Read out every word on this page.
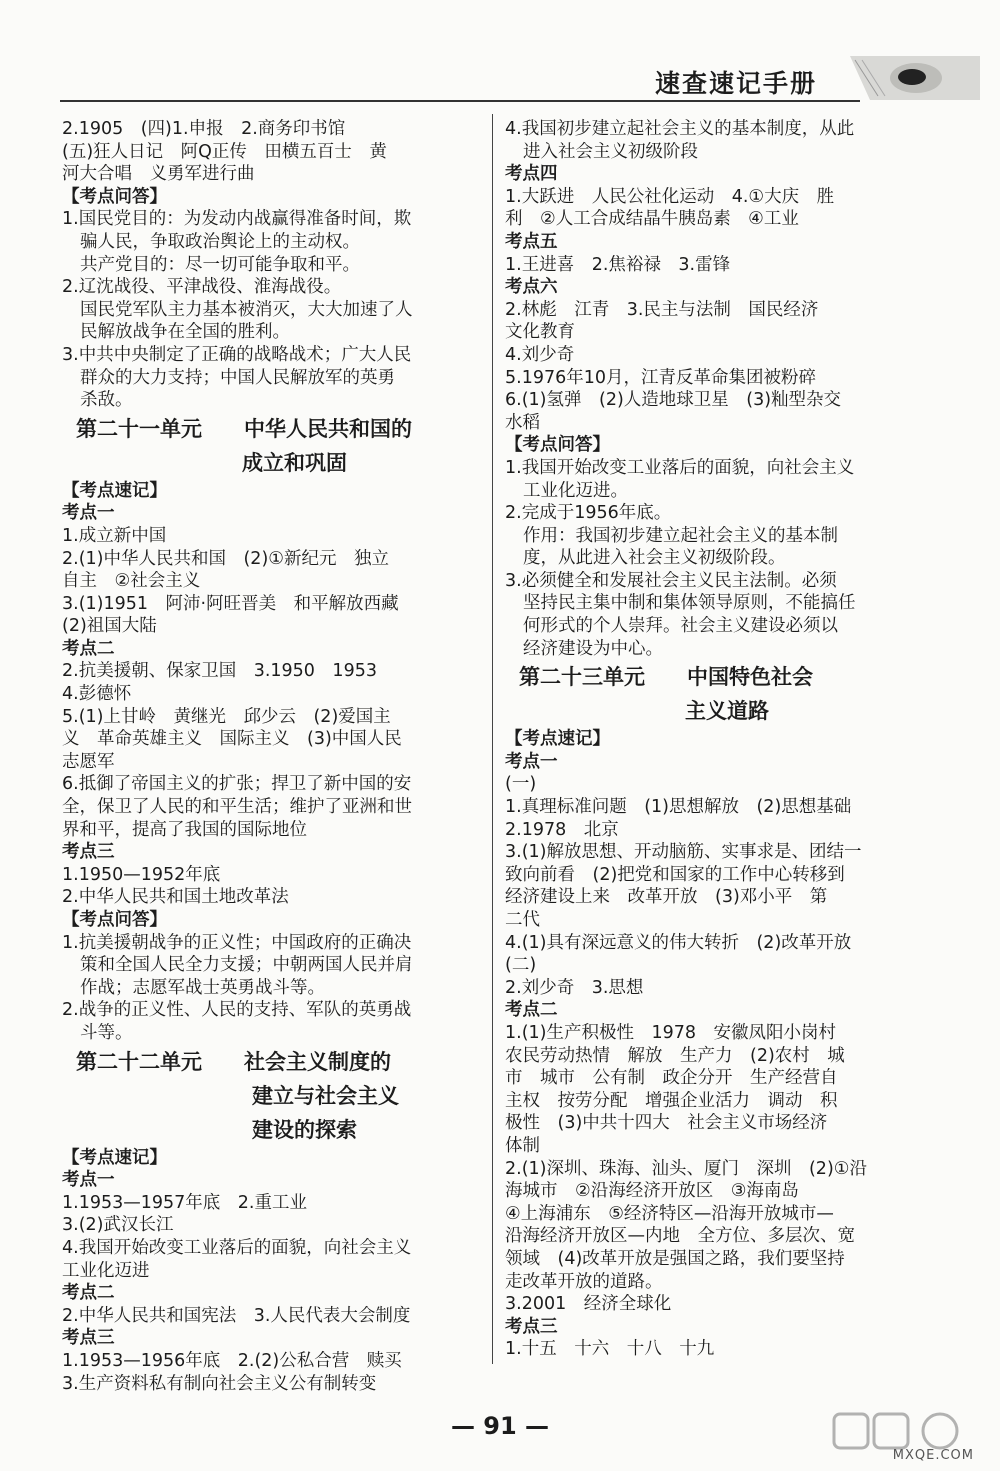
速查速记手册
2.1905　(四)1.申报　2.商务印书馆
(五)狂人日记　阿Q正传　田横五百士　黄
河大合唱　义勇军进行曲
【考点问答】
1.国民党目的：为发动内战赢得准备时间，欺
骗人民，争取政治舆论上的主动权。
共产党目的：尽一切可能争取和平。
2.辽沈战役、平津战役、淮海战役。
国民党军队主力基本被消灭，大大加速了人
民解放战争在全国的胜利。
3.中共中央制定了正确的战略战术；广大人民
群众的大力支持；中国人民解放军的英勇
杀敌。
第二十一单元　　中华人民共和国的
成立和巩固
【考点速记】
考点一
1.成立新中国
2.(1)中华人民共和国　(2)①新纪元　独立
自主　②社会主义
3.(1)1951　阿沛·阿旺晋美　和平解放西藏
(2)祖国大陆
考点二
2.抗美援朝、保家卫国　3.1950　1953
4.彭德怀
5.(1)上甘岭　黄继光　邱少云　(2)爱国主
义　革命英雄主义　国际主义　(3)中国人民
志愿军
6.抵御了帝国主义的扩张；捍卫了新中国的安
全，保卫了人民的和平生活；维护了亚洲和世
界和平，提高了我国的国际地位
考点三
1.1950—1952年底
2.中华人民共和国土地改革法
【考点问答】
1.抗美援朝战争的正义性；中国政府的正确决
策和全国人民全力支援；中朝两国人民并肩
作战；志愿军战士英勇战斗等。
2.战争的正义性、人民的支持、军队的英勇战
斗等。
第二十二单元　　社会主义制度的
建立与社会主义
建设的探索
【考点速记】
考点一
1.1953—1957年底　2.重工业
3.(2)武汉长江
4.我国开始改变工业落后的面貌，向社会主义
工业化迈进
考点二
2.中华人民共和国宪法　3.人民代表大会制度
考点三
1.1953—1956年底　2.(2)公私合营　赎买
3.生产资料私有制向社会主义公有制转变
4.我国初步建立起社会主义的基本制度，从此
进入社会主义初级阶段
考点四
1.大跃进　人民公社化运动　4.①大庆　胜
利　②人工合成结晶牛胰岛素　④工业
考点五
1.王进喜　2.焦裕禄　3.雷锋
考点六
2.林彪　江青　3.民主与法制　国民经济
文化教育
4.刘少奇
5.1976年10月，江青反革命集团被粉碎
6.(1)氢弹　(2)人造地球卫星　(3)籼型杂交
水稻
【考点问答】
1.我国开始改变工业落后的面貌，向社会主义
工业化迈进。
2.完成于1956年底。
作用：我国初步建立起社会主义的基本制
度，从此进入社会主义初级阶段。
3.必须健全和发展社会主义民主法制。必须
坚持民主集中制和集体领导原则，不能搞任
何形式的个人崇拜。社会主义建设必须以
经济建设为中心。
第二十三单元　　中国特色社会
主义道路
【考点速记】
考点一
(一)
1.真理标准问题　(1)思想解放　(2)思想基础
2.1978　北京
3.(1)解放思想、开动脑筋、实事求是、团结一
致向前看　(2)把党和国家的工作中心转移到
经济建设上来　改革开放　(3)邓小平　第
二代
4.(1)具有深远意义的伟大转折　(2)改革开放
(二)
2.刘少奇　3.思想
考点二
1.(1)生产积极性　1978　安徽凤阳小岗村
农民劳动热情　解放　生产力　(2)农村　城
市　城市　公有制　政企分开　生产经营自
主权　按劳分配　增强企业活力　调动　积
极性　(3)中共十四大　社会主义市场经济
体制
2.(1)深圳、珠海、汕头、厦门　深圳　(2)①沿
海城市　②沿海经济开放区　③海南岛
④上海浦东　⑤经济特区—沿海开放城市—
沿海经济开放区—内地　全方位、多层次、宽
领域　(4)改革开放是强国之路，我们要坚持
走改革开放的道路。
3.2001　经济全球化
考点三
1.十五　十六　十八　十九
— 91 —
MXQE.COM
